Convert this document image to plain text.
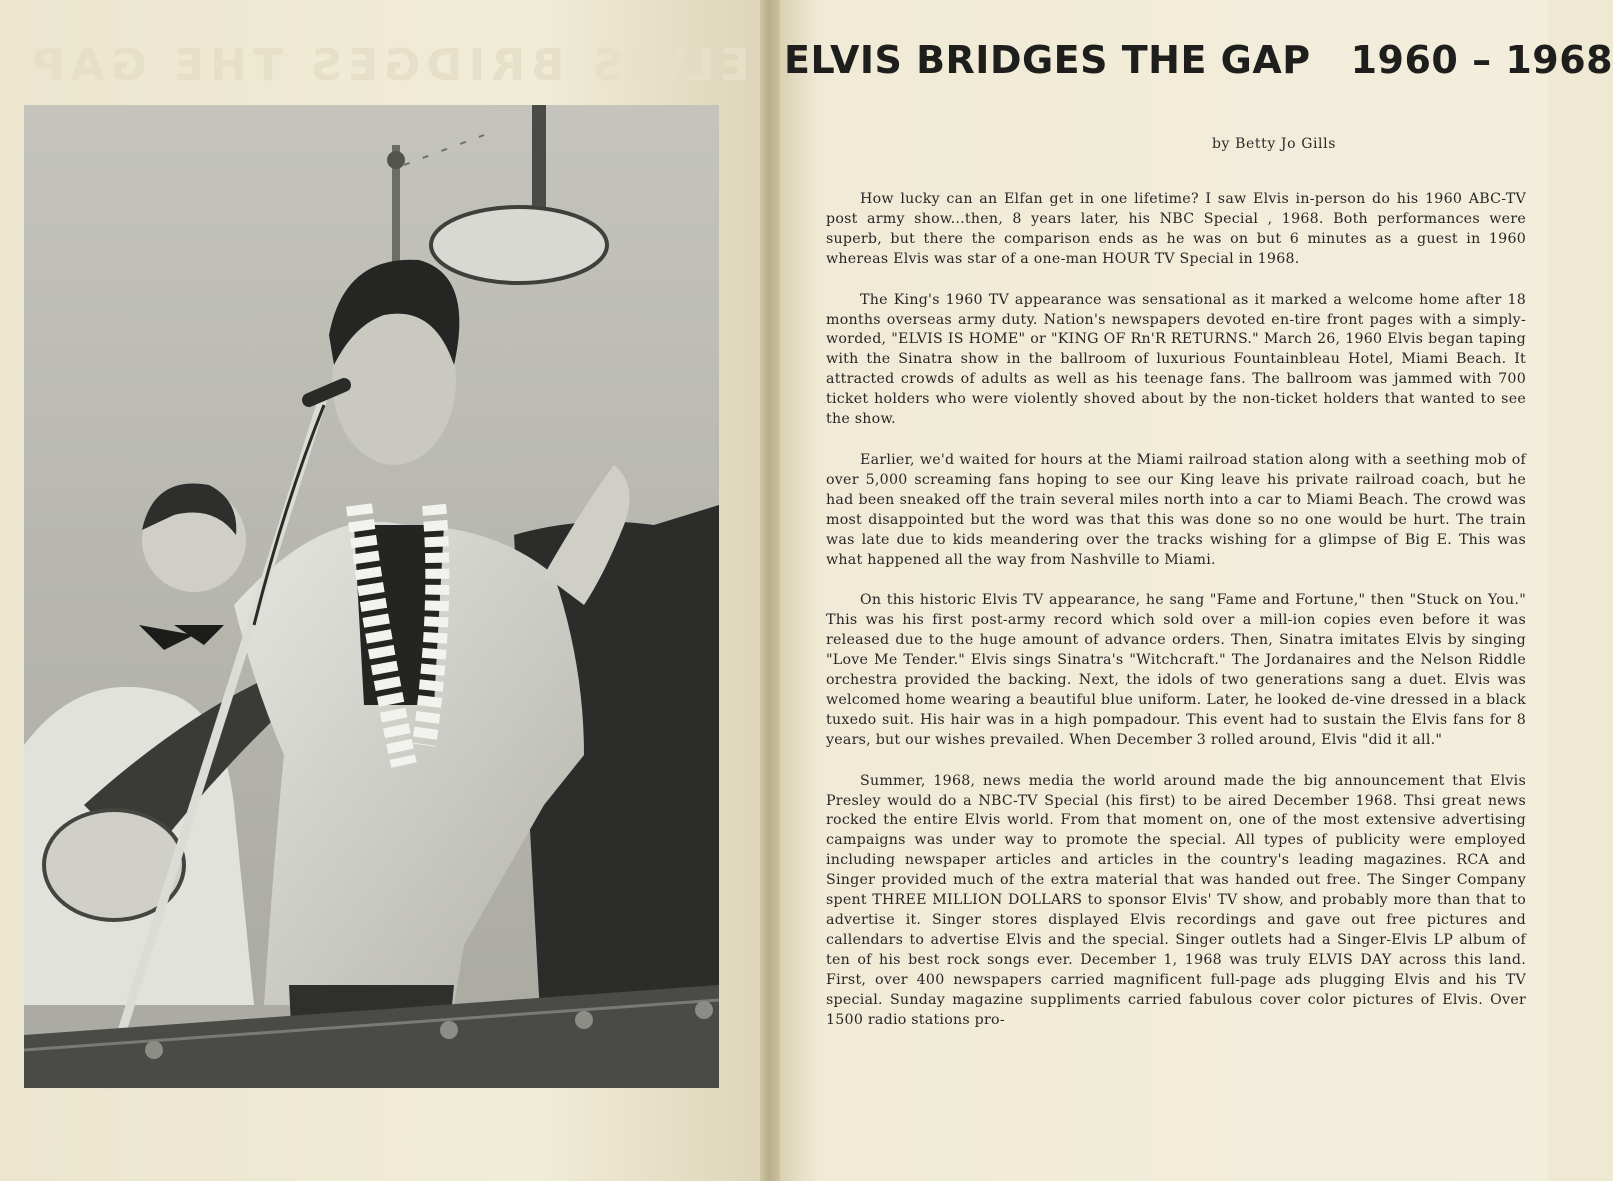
ELVIS BRIDGES THE GAP ELVIS BRIDGES THE GAP 1960 – 1968
by Betty Jo Gills

How lucky can an Elfan get in one lifetime? I saw Elvis in-person do his 1960 ABC-TV post army show...then, 8 years later, his NBC Special , 1968. Both performances were superb, but there the comparison ends as he was on but 6 minutes as a guest in 1960 whereas Elvis was star of a one-man HOUR TV Special in 1968.

The King's 1960 TV appearance was sensational as it marked a welcome home after 18 months overseas army duty. Nation's newspapers devoted en-tire front pages with a simply-worded, "ELVIS IS HOME" or "KING OF Rn'R RETURNS." March 26, 1960 Elvis began taping with the Sinatra show in the ballroom of luxurious Fountainbleau Hotel, Miami Beach. It attracted crowds of adults as well as his teenage fans. The ballroom was jammed with 700 ticket holders who were violently shoved about by the non-ticket holders that wanted to see the show.

Earlier, we'd waited for hours at the Miami railroad station along with a seething mob of over 5,000 screaming fans hoping to see our King leave his private railroad coach, but he had been sneaked off the train several miles north into a car to Miami Beach. The crowd was most disappointed but the word was that this was done so no one would be hurt. The train was late due to kids meandering over the tracks wishing for a glimpse of Big E. This was what happened all the way from Nashville to Miami.

On this historic Elvis TV appearance, he sang "Fame and Fortune," then "Stuck on You." This was his first post-army record which sold over a mill-ion copies even before it was released due to the huge amount of advance orders. Then, Sinatra imitates Elvis by singing "Love Me Tender." Elvis sings Sinatra's "Witchcraft." The Jordanaires and the Nelson Riddle orchestra provided the backing. Next, the idols of two generations sang a duet. Elvis was welcomed home wearing a beautiful blue uniform. Later, he looked de-vine dressed in a black tuxedo suit. His hair was in a high pompadour. This event had to sustain the Elvis fans for 8 years, but our wishes prevailed. When December 3 rolled around, Elvis "did it all."

Summer, 1968, news media the world around made the big announcement that Elvis Presley would do a NBC-TV Special (his first) to be aired December 1968. Thsi great news rocked the entire Elvis world. From that moment on, one of the most extensive advertising campaigns was under way to promote the special. All types of publicity were employed including newspaper articles and articles in the country's leading magazines. RCA and Singer provided much of the extra material that was handed out free. The Singer Company spent THREE MILLION DOLLARS to sponsor Elvis' TV show, and probably more than that to advertise it. Singer stores displayed Elvis recordings and gave out free pictures and callendars to advertise Elvis and the special. Singer outlets had a Singer-Elvis LP album of ten of his best rock songs ever. December 1, 1968 was truly ELVIS DAY across this land. First, over 400 newspapers carried magnificent full-page ads plugging Elvis and his TV special. Sunday magazine suppliments carried fabulous cover color pictures of Elvis. Over 1500 radio stations pro-
